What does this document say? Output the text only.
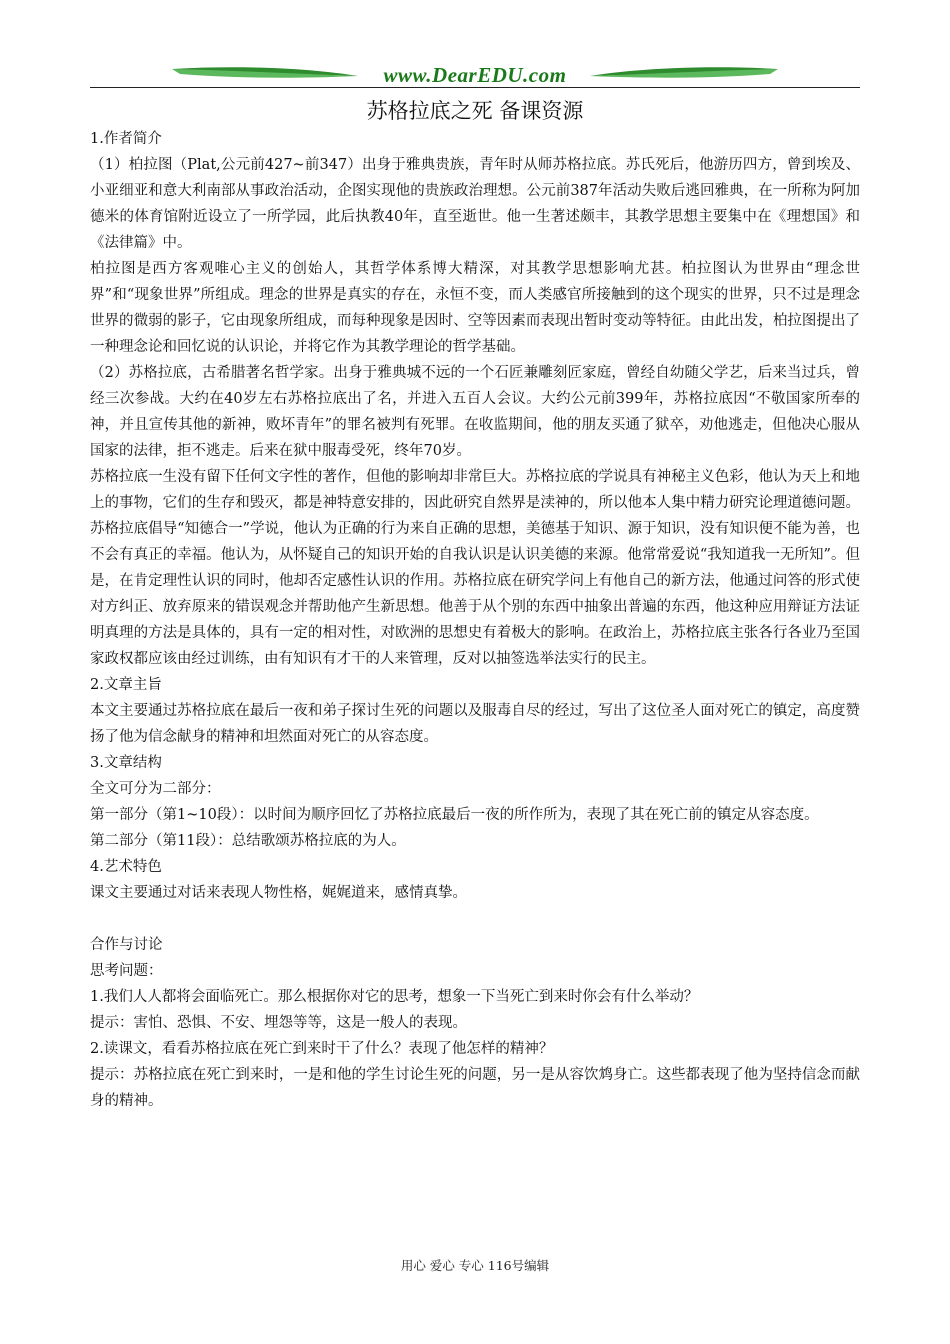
www.DearEDU.com
苏格拉底之死 备课资源

1.作者简介

（1）柏拉图（Plat,公元前427~前347）出身于雅典贵族，青年时从师苏格拉底。苏氏死后，他游历四方，曾到埃及、小亚细亚和意大利南部从事政治活动，企图实现他的贵族政治理想。公元前387年活动失败后逃回雅典，在一所称为阿加德米的体育馆附近设立了一所学园，此后执教40年，直至逝世。他一生著述颇丰，其教学思想主要集中在《理想国》和《法律篇》中。

柏拉图是西方客观唯心主义的创始人，其哲学体系博大精深，对其教学思想影响尤甚。柏拉图认为世界由“理念世界”和“现象世界”所组成。理念的世界是真实的存在，永恒不变，而人类感官所接触到的这个现实的世界，只不过是理念世界的微弱的影子，它由现象所组成，而每种现象是因时、空等因素而表现出暂时变动等特征。由此出发，柏拉图提出了一种理念论和回忆说的认识论，并将它作为其教学理论的哲学基础。

（2）苏格拉底，古希腊著名哲学家。出身于雅典城不远的一个石匠兼雕刻匠家庭，曾经自幼随父学艺，后来当过兵，曾经三次参战。大约在40岁左右苏格拉底出了名，并进入五百人会议。大约公元前399年，苏格拉底因“不敬国家所奉的神，并且宣传其他的新神，败坏青年”的罪名被判有死罪。在收监期间，他的朋友买通了狱卒，劝他逃走，但他决心服从国家的法律，拒不逃走。后来在狱中服毒受死，终年70岁。

苏格拉底一生没有留下任何文字性的著作，但他的影响却非常巨大。苏格拉底的学说具有神秘主义色彩，他认为天上和地上的事物，它们的生存和毁灭，都是神特意安排的，因此研究自然界是渎神的，所以他本人集中精力研究论理道德问题。苏格拉底倡导“知德合一”学说，他认为正确的行为来自正确的思想，美德基于知识、源于知识，没有知识便不能为善，也不会有真正的幸福。他认为，从怀疑自己的知识开始的自我认识是认识美德的来源。他常常爱说“我知道我一无所知”。但是，在肯定理性认识的同时，他却否定感性认识的作用。苏格拉底在研究学问上有他自己的新方法，他通过问答的形式使对方纠正、放弃原来的错误观念并帮助他产生新思想。他善于从个别的东西中抽象出普遍的东西，他这种应用辩证方法证明真理的方法是具体的，具有一定的相对性，对欧洲的思想史有着极大的影响。在政治上，苏格拉底主张各行各业乃至国家政权都应该由经过训练，由有知识有才干的人来管理，反对以抽签选举法实行的民主。

2.文章主旨

本文主要通过苏格拉底在最后一夜和弟子探讨生死的问题以及服毒自尽的经过，写出了这位圣人面对死亡的镇定，高度赞扬了他为信念献身的精神和坦然面对死亡的从容态度。

3.文章结构

全文可分为二部分：

第一部分（第1~10段）：以时间为顺序回忆了苏格拉底最后一夜的所作所为，表现了其在死亡前的镇定从容态度。

第二部分（第11段）：总结歌颂苏格拉底的为人。

4.艺术特色

课文主要通过对话来表现人物性格，娓娓道来，感情真挚。

合作与讨论

思考问题：

1.我们人人都将会面临死亡。那么根据你对它的思考，想象一下当死亡到来时你会有什么举动？

提示：害怕、恐惧、不安、埋怨等等，这是一般人的表现。

2.读课文，看看苏格拉底在死亡到来时干了什么？表现了他怎样的精神？

提示：苏格拉底在死亡到来时，一是和他的学生讨论生死的问题，另一是从容饮鸩身亡。这些都表现了他为坚持信念而献身的精神。

用心 爱心 专心 116号编辑
